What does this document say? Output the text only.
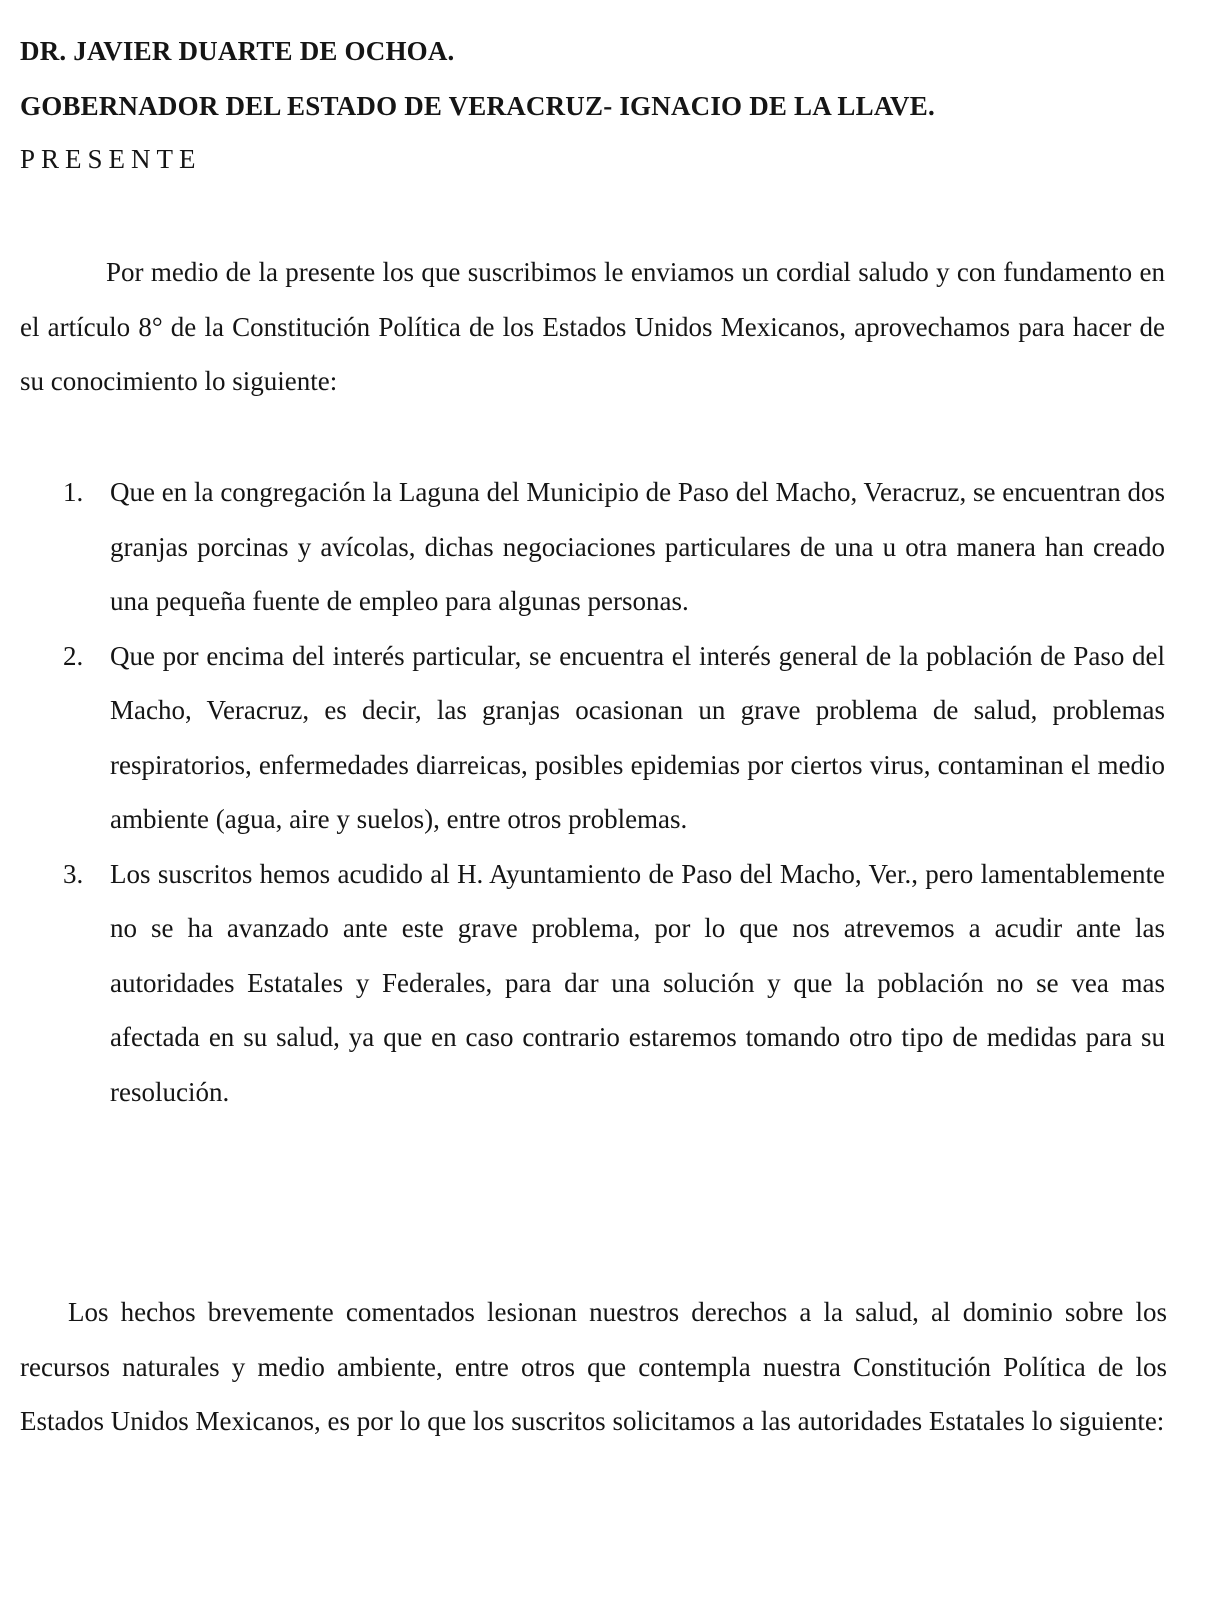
DR. JAVIER DUARTE DE OCHOA.
GOBERNADOR DEL ESTADO DE VERACRUZ- IGNACIO DE LA LLAVE.
PRESENTE

Por medio de la presente los que suscribimos le enviamos un cordial saludo y con fundamento en el artículo 8° de la Constitución Política de los Estados Unidos Mexicanos, aprovechamos para hacer de su conocimiento lo siguiente:

1. Que en la congregación la Laguna del Municipio de Paso del Macho, Veracruz, se encuentran dos granjas porcinas y avícolas, dichas negociaciones particulares de una u otra manera han creado una pequeña fuente de empleo para algunas personas.
2. Que por encima del interés particular, se encuentra el interés general de la población de Paso del Macho, Veracruz, es decir, las granjas ocasionan un grave problema de salud, problemas respiratorios, enfermedades diarreicas, posibles epidemias por ciertos virus, contaminan el medio ambiente (agua, aire y suelos), entre otros problemas.
3. Los suscritos hemos acudido al H. Ayuntamiento de Paso del Macho, Ver., pero lamentablemente no se ha avanzado ante este grave problema, por lo que nos atrevemos a acudir ante las autoridades Estatales y Federales, para dar una solución y que la población no se vea mas afectada en su salud, ya que en caso contrario estaremos tomando otro tipo de medidas para su resolución.

Los hechos brevemente comentados lesionan nuestros derechos a la salud, al dominio sobre los recursos naturales y medio ambiente, entre otros que contempla nuestra Constitución Política de los Estados Unidos Mexicanos, es por lo que los suscritos solicitamos a las autoridades Estatales lo siguiente:
